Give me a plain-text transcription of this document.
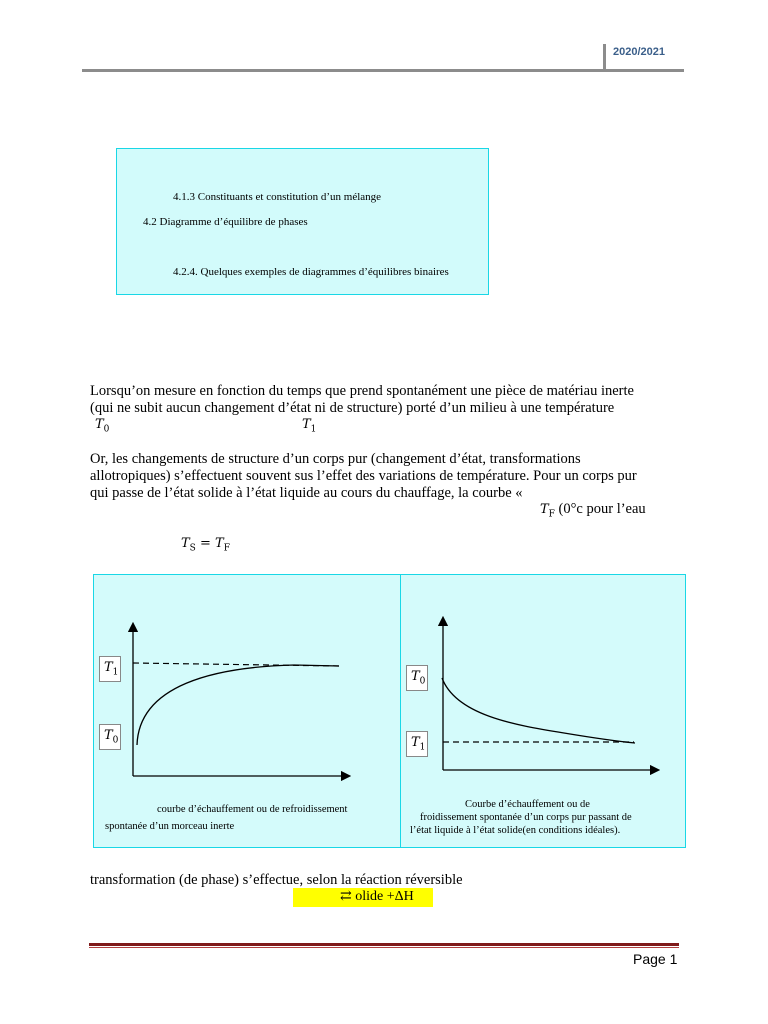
2020/2021
4.1.3 Constituants et constitution d’un mélange
4.2 Diagramme d’équilibre de phases
4.2.4. Quelques exemples de diagrammes d’équilibres binaires
Lorsqu’on mesure en fonction du temps que prend spontanément une pièce de matériau inerte
(qui ne subit aucun changement d’état ni de structure) porté d’un milieu à une température
$T_0$	$T_1$
Or, les changements de structure d’un corps pur (changement d’état, transformations
allotropiques) s’effectuent souvent sus l’effet des variations de température. Pour un corps pur
qui passe de l’état solide à l’état liquide au cours du chauffage, la courbe «
$T_F$ (0°c pour l’eau
$T_S = T_F$
$T_1$
$T_0$
$T_0$
$T_1$
courbe d’échauffement ou de refroidissement
spontanée d’un morceau inerte
Courbe d’échauffement ou de
froidissement spontanée d’un corps pur passant de
l’état liquide à l’état solide(en conditions idéales).
transformation (de phase) s’effectue, selon la réaction réversible
⇄ olide +ΔH
Page 1
